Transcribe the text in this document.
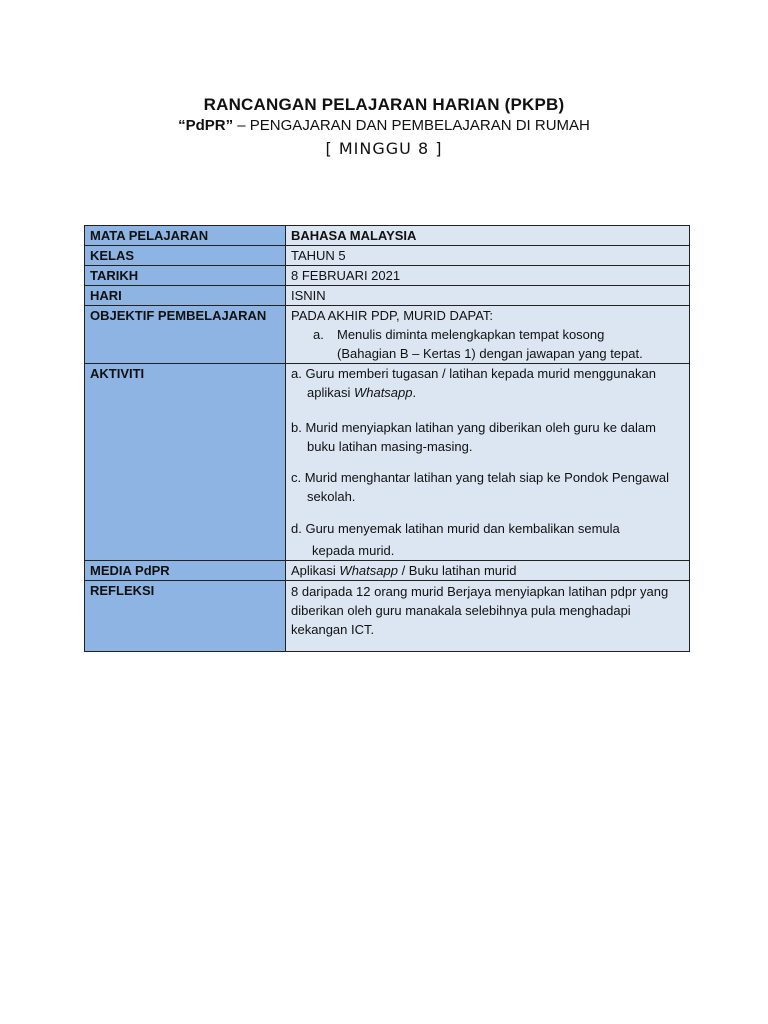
RANCANGAN PELAJARAN HARIAN (PKPB)
“PdPR” – PENGAJARAN DAN PEMBELAJARAN DI RUMAH
[ MINGGU 8 ]
MATA PELAJARAN	BAHASA MALAYSIA
KELAS	TAHUN 5
TARIKH	8 FEBRUARI 2021
HARI	ISNIN
OBJEKTIF PEMBELAJARAN	PADA AKHIR PDP, MURID DAPAT:
a. Menulis diminta melengkapkan tempat kosong
(Bahagian B – Kertas 1) dengan jawapan yang tepat.

AKTIVITI	a. Guru memberi tugasan / latihan kepada murid menggunakan aplikasi Whatsapp.
b. Murid menyiapkan latihan yang diberikan oleh guru ke dalam buku latihan masing-masing.
c. Murid menghantar latihan yang telah siap ke Pondok Pengawal sekolah.
d. Guru menyemak latihan murid dan kembalikan semula
kepada murid.

MEDIA PdPR	Aplikasi Whatsapp / Buku latihan murid
REFLEKSI	8 daripada 12 orang murid Berjaya menyiapkan latihan pdpr yang diberikan oleh guru manakala selebihnya pula menghadapi kekangan ICT.
